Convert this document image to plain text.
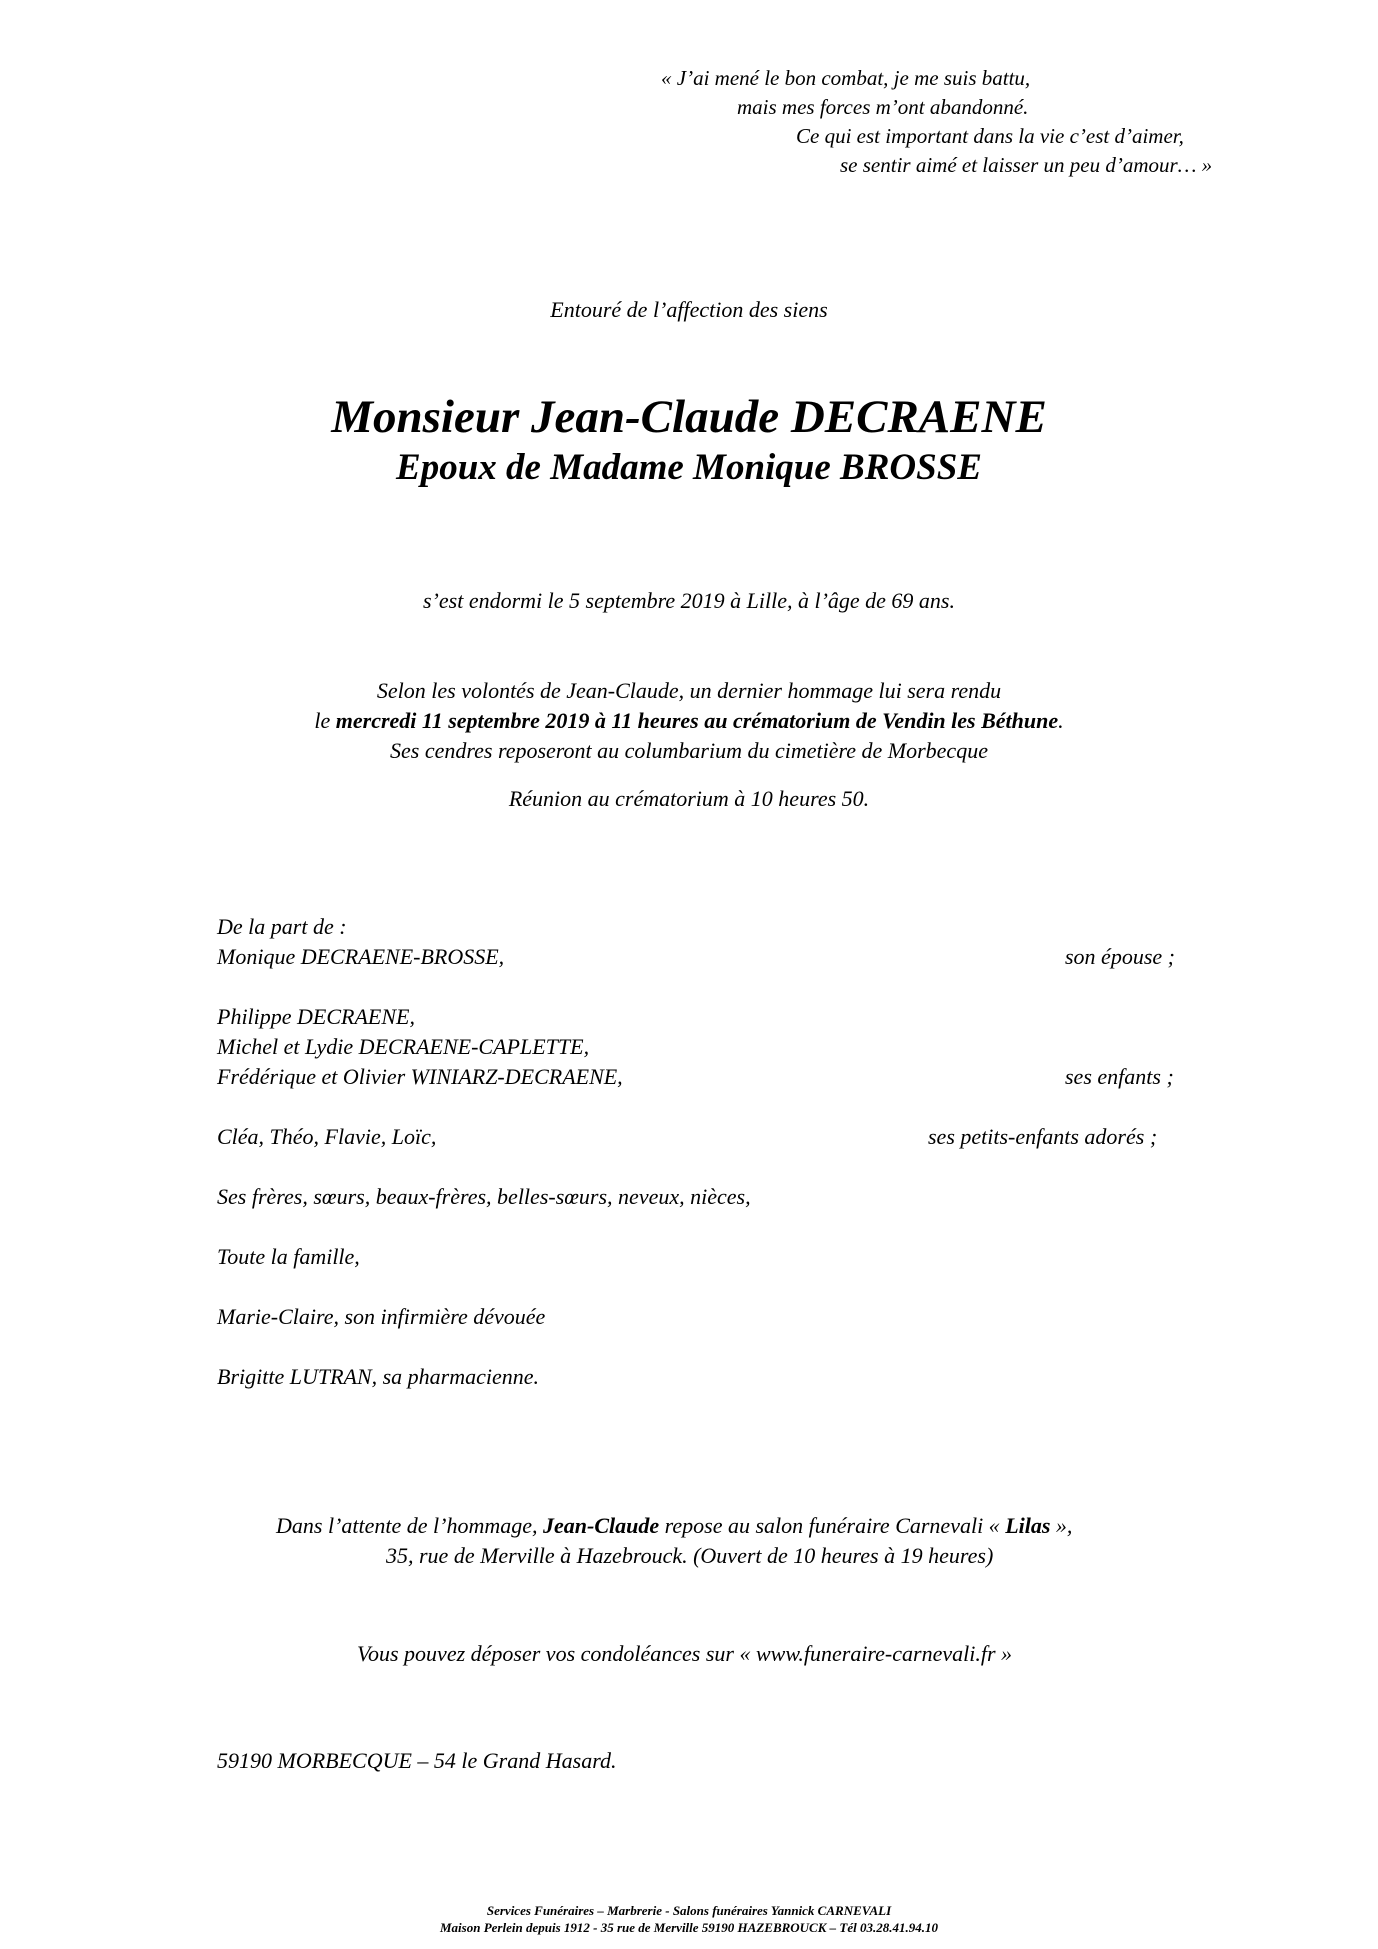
« J’ai mené le bon combat, je me suis battu,
mais mes forces m’ont abandonné.
Ce qui est important dans la vie c’est d’aimer,
se sentir aimé et laisser un peu d’amour… »
Entouré de l’affection des siens
Monsieur Jean-Claude DECRAENE
Epoux de Madame Monique BROSSE
s’est endormi le 5 septembre 2019 à Lille, à l’âge de 69 ans.
Selon les volontés de Jean-Claude, un dernier hommage lui sera rendu
le mercredi 11 septembre 2019 à 11 heures au crématorium de Vendin les Béthune.
Ses cendres reposeront au columbarium du cimetière de Morbecque
Réunion au crématorium à 10 heures 50.
De la part de :
Monique DECRAENE-BROSSE,	son épouse ;
Philippe DECRAENE,
Michel et Lydie DECRAENE-CAPLETTE,
Frédérique et Olivier WINIARZ-DECRAENE,	ses enfants ;
Cléa, Théo, Flavie, Loïc,	ses petits-enfants adorés ;
Ses frères, sœurs, beaux-frères, belles-sœurs, neveux, nièces,
Toute la famille,
Marie-Claire, son infirmière dévouée
Brigitte LUTRAN, sa pharmacienne.
Dans l’attente de l’hommage, Jean-Claude repose au salon funéraire Carnevali « Lilas »,
35, rue de Merville à Hazebrouck. (Ouvert de 10 heures à 19 heures)
Vous pouvez déposer vos condoléances sur « www.funeraire-carnevali.fr »
59190 MORBECQUE – 54 le Grand Hasard.
Services Funéraires – Marbrerie - Salons funéraires Yannick CARNEVALI
Maison Perlein depuis 1912 - 35 rue de Merville 59190 HAZEBROUCK – Tél 03.28.41.94.10
